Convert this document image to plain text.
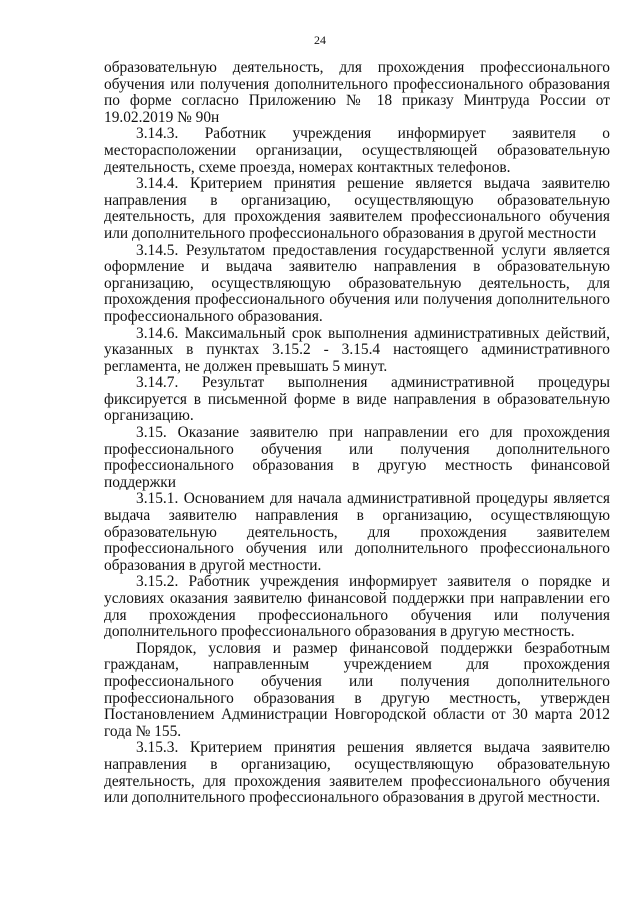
24

образовательную деятельность, для прохождения профессионального обучения или получения дополнительного профессионального образования по форме согласно Приложению № 18 приказу Минтруда России от 19.02.2019 № 90н

3.14.3. Работник учреждения информирует заявителя о месторасположении организации, осуществляющей образовательную деятельность, схеме проезда, номерах контактных телефонов.

3.14.4. Критерием принятия решение является выдача заявителю направления в организацию, осуществляющую образовательную деятельность, для прохождения заявителем профессионального обучения или дополнительного профессионального образования в другой местности

3.14.5. Результатом предоставления государственной услуги является оформление и выдача заявителю направления в образовательную организацию, осуществляющую образовательную деятельность, для прохождения профессионального обучения или получения дополнительного профессионального образования.

3.14.6. Максимальный срок выполнения административных действий, указанных в пунктах 3.15.2 - 3.15.4 настоящего административного регламента, не должен превышать 5 минут.

3.14.7. Результат выполнения административной процедуры фиксируется в письменной форме в виде направления в образовательную организацию.

3.15. Оказание заявителю при направлении его для прохождения профессионального обучения или получения дополнительного профессионального образования в другую местность финансовой поддержки

3.15.1. Основанием для начала административной процедуры является выдача заявителю направления в организацию, осуществляющую образовательную деятельность, для прохождения заявителем профессионального обучения или дополнительного профессионального образования в другой местности.

3.15.2. Работник учреждения информирует заявителя о порядке и условиях оказания заявителю финансовой поддержки при направлении его для прохождения профессионального обучения или получения дополнительного профессионального образования в другую местность.

Порядок, условия и размер финансовой поддержки безработным гражданам, направленным учреждением для прохождения профессионального обучения или получения дополнительного профессионального образования в другую местность, утвержден Постановлением Администрации Новгородской области от 30 марта 2012 года № 155.

3.15.3. Критерием принятия решения является выдача заявителю направления в организацию, осуществляющую образовательную деятельность, для прохождения заявителем профессионального обучения или дополнительного профессионального образования в другой местности.
